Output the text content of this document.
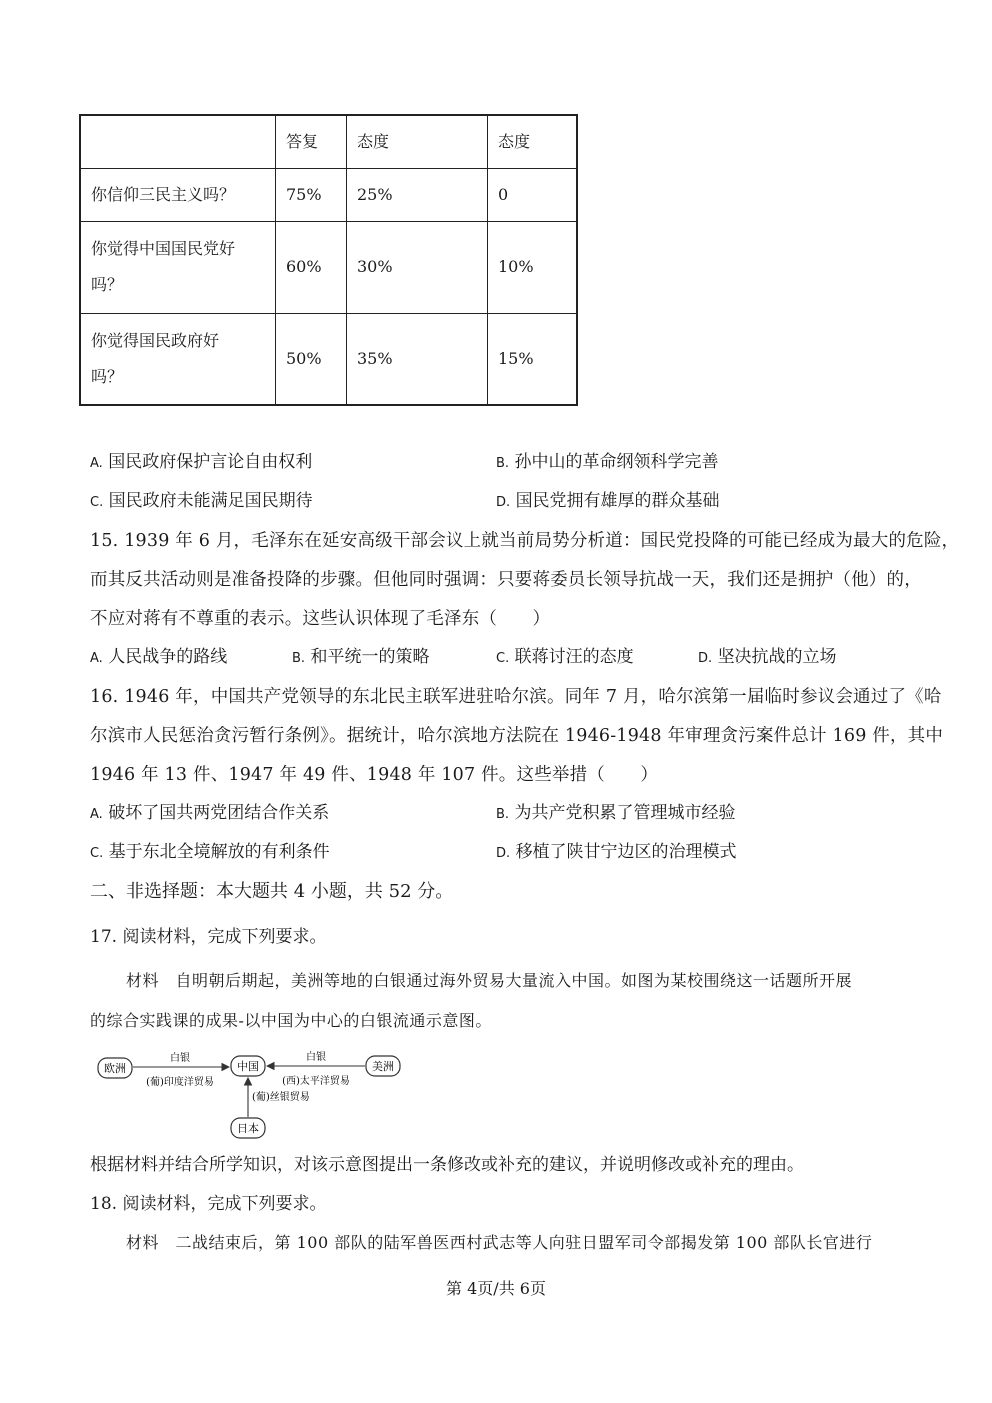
	答复	态度	态度
你信仰三民主义吗？	75%	25%	0

你觉得中国国民党好
吗？	60%	30%	10%

你觉得国民政府好
吗？	50%	35%	15%
A. 国民政府保护言论自由权利	B. 孙中山的革命纲领科学完善
C. 国民政府未能满足国民期待	D. 国民党拥有雄厚的群众基础
15. 1939 年 6 月，毛泽东在延安高级干部会议上就当前局势分析道：国民党投降的可能已经成为最大的危险，
而其反共活动则是准备投降的步骤。但他同时强调：只要蒋委员长领导抗战一天，我们还是拥护（他）的，
不应对蒋有不尊重的表示。这些认识体现了毛泽东（　　）
A. 人民战争的路线	B. 和平统一的策略	C. 联蒋讨汪的态度	D. 坚决抗战的立场
16. 1946 年，中国共产党领导的东北民主联军进驻哈尔滨。同年 7 月，哈尔滨第一届临时参议会通过了《哈
尔滨市人民惩治贪污暂行条例》。据统计，哈尔滨地方法院在 1946-1948 年审理贪污案件总计 169 件，其中
1946 年 13 件、1947 年 49 件、1948 年 107 件。这些举措（　　）
A. 破坏了国共两党团结合作关系	B. 为共产党积累了管理城市经验
C. 基于东北全境解放的有利条件	D. 移植了陕甘宁边区的治理模式
二、非选择题：本大题共 4 小题，共 52 分。
17. 阅读材料，完成下列要求。
材料　自明朝后期起，美洲等地的白银通过海外贸易大量流入中国。如图为某校围绕这一话题所开展
的综合实践课的成果-以中国为中心的白银流通示意图。
欧洲	中国	美洲
日本
白银
(葡)印度洋贸易
白银
(西)太平洋贸易
(葡)丝银贸易
根据材料并结合所学知识，对该示意图提出一条修改或补充的建议，并说明修改或补充的理由。
18. 阅读材料，完成下列要求。
材料　二战结束后，第 100 部队的陆军兽医西村武志等人向驻日盟军司令部揭发第 100 部队长官进行
第 4页/共 6页
